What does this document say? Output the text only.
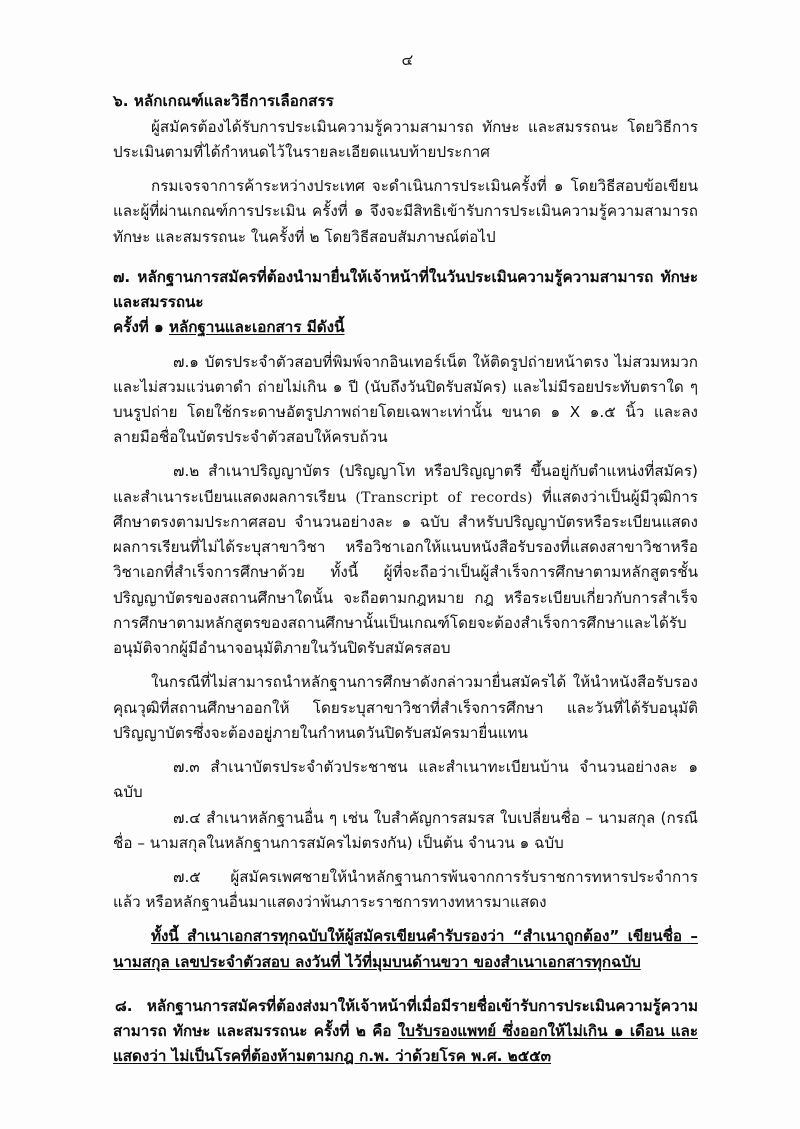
๔
๖. หลักเกณฑ์และวิธีการเลือกสรร
ผู้สมัครต้องได้รับการประเมินความรู้ความสามารถ ทักษะ และสมรรถนะ โดยวิธีการประเมินตามที่ได้กำหนดไว้ในรายละเอียดแนบท้ายประกาศ
กรมเจรจาการค้าระหว่างประเทศ จะดำเนินการประเมินครั้งที่ ๑ โดยวิธีสอบข้อเขียน และผู้ที่ผ่านเกณฑ์การประเมิน ครั้งที่ ๑ จึงจะมีสิทธิเข้ารับการประเมินความรู้ความสามารถ ทักษะ และสมรรถนะ ในครั้งที่ ๒ โดยวิธีสอบสัมภาษณ์ต่อไป
๗. หลักฐานการสมัครที่ต้องนำมายื่นให้เจ้าหน้าที่ในวันประเมินความรู้ความสามารถ ทักษะ และสมรรถนะ
ครั้งที่ ๑ หลักฐานและเอกสาร มีดังนี้
๗.๑ บัตรประจำตัวสอบที่พิมพ์จากอินเทอร์เน็ต ให้ติดรูปถ่ายหน้าตรง ไม่สวมหมวก และไม่สวมแว่นตาดำ ถ่ายไม่เกิน ๑ ปี (นับถึงวันปิดรับสมัคร) และไม่มีรอยประทับตราใด ๆ บนรูปถ่าย โดยใช้กระดาษอัตรูปภาพถ่ายโดยเฉพาะเท่านั้น ขนาด ๑ X ๑.๕ นิ้ว และลงลายมือชื่อในบัตรประจำตัวสอบให้ครบถ้วน
๗.๒ สำเนาปริญญาบัตร (ปริญญาโท หรือปริญญาตรี ขึ้นอยู่กับตำแหน่งที่สมัคร) และสำเนาระเบียนแสดงผลการเรียน (Transcript of records) ที่แสดงว่าเป็นผู้มีวุฒิการศึกษาตรงตามประกาศสอบ จำนวนอย่างละ ๑ ฉบับ สำหรับปริญญาบัตรหรือระเบียนแสดงผลการเรียนที่ไม่ได้ระบุสาขาวิชา หรือวิชาเอกให้แนบหนังสือรับรองที่แสดงสาขาวิชาหรือวิชาเอกที่สำเร็จการศึกษาด้วย ทั้งนี้ ผู้ที่จะถือว่าเป็นผู้สำเร็จการศึกษาตามหลักสูตรชั้นปริญญาบัตรของสถานศึกษาใดนั้น จะถือตามกฎหมาย กฎ หรือระเบียบเกี่ยวกับการสำเร็จการศึกษาตามหลักสูตรของสถานศึกษานั้นเป็นเกณฑ์โดยจะต้องสำเร็จการศึกษาและได้รับอนุมัติจากผู้มีอำนาจอนุมัติภายในวันปิดรับสมัครสอบ
ในกรณีที่ไม่สามารถนำหลักฐานการศึกษาดังกล่าวมายื่นสมัครได้ ให้นำหนังสือรับรองคุณวุฒิที่สถานศึกษาออกให้ โดยระบุสาขาวิชาที่สำเร็จการศึกษา และวันที่ได้รับอนุมัติปริญญาบัตรซึ่งจะต้องอยู่ภายในกำหนดวันปิดรับสมัครมายื่นแทน
๗.๓ สำเนาบัตรประจำตัวประชาชน และสำเนาทะเบียนบ้าน จำนวนอย่างละ ๑ ฉบับ
๗.๔ สำเนาหลักฐานอื่น ๆ เช่น ใบสำคัญการสมรส ใบเปลี่ยนชื่อ – นามสกุล (กรณีชื่อ – นามสกุลในหลักฐานการสมัครไม่ตรงกัน) เป็นต้น จำนวน ๑ ฉบับ
๗.๕ ผู้สมัครเพศชายให้นำหลักฐานการพ้นจากการรับราชการทหารประจำการแล้ว หรือหลักฐานอื่นมาแสดงว่าพ้นภาระราชการทางทหารมาแสดง
ทั้งนี้ สำเนาเอกสารทุกฉบับให้ผู้สมัครเขียนคำรับรองว่า “สำเนาถูกต้อง” เขียนชื่อ – นามสกุล เลขประจำตัวสอบ ลงวันที่ ไว้ที่มุมบนด้านขวา ของสำเนาเอกสารทุกฉบับ
๘. หลักฐานการสมัครที่ต้องส่งมาให้เจ้าหน้าที่เมื่อมีรายชื่อเข้ารับการประเมินความรู้ความสามารถ ทักษะ และสมรรถนะ ครั้งที่ ๒ คือ ใบรับรองแพทย์ ซึ่งออกให้ไม่เกิน ๑ เดือน และแสดงว่า ไม่เป็นโรคที่ต้องห้ามตามกฎ ก.พ. ว่าด้วยโรค พ.ศ. ๒๕๕๓
